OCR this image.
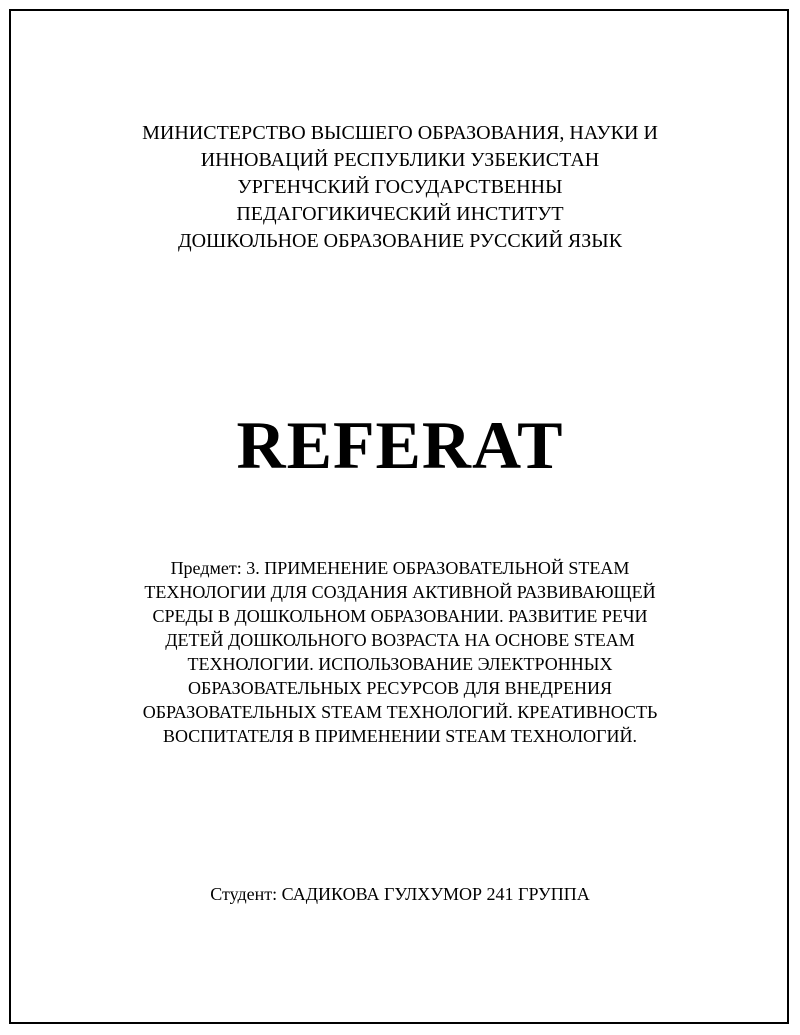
МИНИСТЕРСТВО ВЫСШЕГО ОБРАЗОВАНИЯ, НАУКИ И
ИННОВАЦИЙ РЕСПУБЛИКИ УЗБЕКИСТАН
УРГЕНЧСКИЙ ГОСУДАРСТВЕННЫ
ПЕДАГОГИКИЧЕСКИЙ ИНСТИТУТ
ДОШКОЛЬНОЕ ОБРАЗОВАНИЕ РУССКИЙ ЯЗЫК
REFERAT
Предмет: 3. ПРИМЕНЕНИЕ ОБРАЗОВАТЕЛЬНОЙ STEAM
ТЕХНОЛОГИИ ДЛЯ СОЗДАНИЯ АКТИВНОЙ РАЗВИВАЮЩЕЙ
СРЕДЫ В ДОШКОЛЬНОМ ОБРАЗОВАНИИ. РАЗВИТИЕ РЕЧИ
ДЕТЕЙ ДОШКОЛЬНОГО ВОЗРАСТА НА ОСНОВЕ STEAM
ТЕХНОЛОГИИ. ИСПОЛЬЗОВАНИЕ ЭЛЕКТРОННЫХ
ОБРАЗОВАТЕЛЬНЫХ РЕСУРСОВ ДЛЯ ВНЕДРЕНИЯ
ОБРАЗОВАТЕЛЬНЫХ STEAM ТЕХНОЛОГИЙ. КРЕАТИВНОСТЬ
ВОСПИТАТЕЛЯ В ПРИМЕНЕНИИ STEAM ТЕХНОЛОГИЙ.
Студент: САДИКОВА ГУЛХУМОР 241 ГРУППА
